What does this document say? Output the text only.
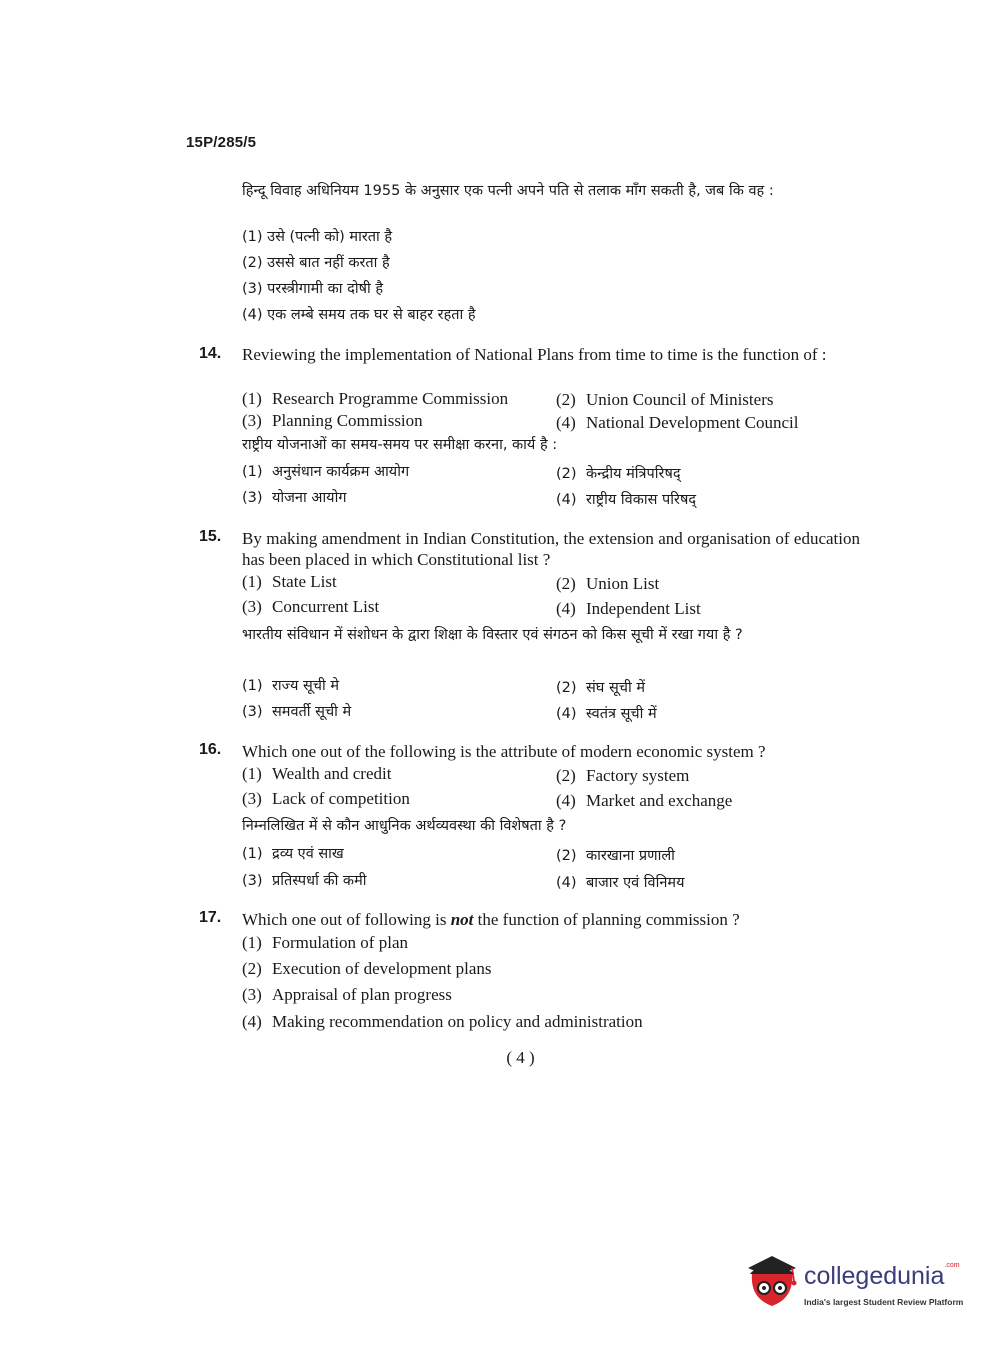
15P/285/5
हिन्दू विवाह अधिनियम 1955 के अनुसार एक पत्नी अपने पति से तलाक माँग सकती है, जब कि वह :
(1) उसे (पत्नी को) मारता है
(2) उससे बात नहीं करता है
(3) परस्त्रीगामी का दोषी है
(4) एक लम्बे समय तक घर से बाहर रहता है
14. Reviewing the implementation of National Plans from time to time is the function of :
(1) Research Programme Commission	(2) Union Council of Ministers
(3) Planning Commission	(4) National Development Council
राष्ट्रीय योजनाओं का समय-समय पर समीक्षा करना, कार्य है :
(1) अनुसंधान कार्यक्रम आयोग	(2) केन्द्रीय मंत्रिपरिषद्
(3) योजना आयोग	(4) राष्ट्रीय विकास परिषद्
15. By making amendment in Indian Constitution, the extension and organisation of education has been placed in which Constitutional list ?
(1) State List	(2) Union List
(3) Concurrent List	(4) Independent List
भारतीय संविधान में संशोधन के द्वारा शिक्षा के विस्तार एवं संगठन को किस सूची में रखा गया है ?
(1) राज्य सूची मे	(2) संघ सूची में
(3) समवर्ती सूची मे	(4) स्वतंत्र सूची में
16. Which one out of the following is the attribute of modern economic system ?
(1) Wealth and credit	(2) Factory system
(3) Lack of competition	(4) Market and exchange
निम्नलिखित में से कौन आधुनिक अर्थव्यवस्था की विशेषता है ?
(1) द्रव्य एवं साख	(2) कारखाना प्रणाली
(3) प्रतिस्पर्धा की कमी	(4) बाजार एवं विनिमय
17. Which one out of following is not the function of planning commission ?
(1) Formulation of plan
(2) Execution of development plans
(3) Appraisal of plan progress
(4) Making recommendation on policy and administration
( 4 )
collegedunia$^{.com}$
India's largest Student Review Platform
